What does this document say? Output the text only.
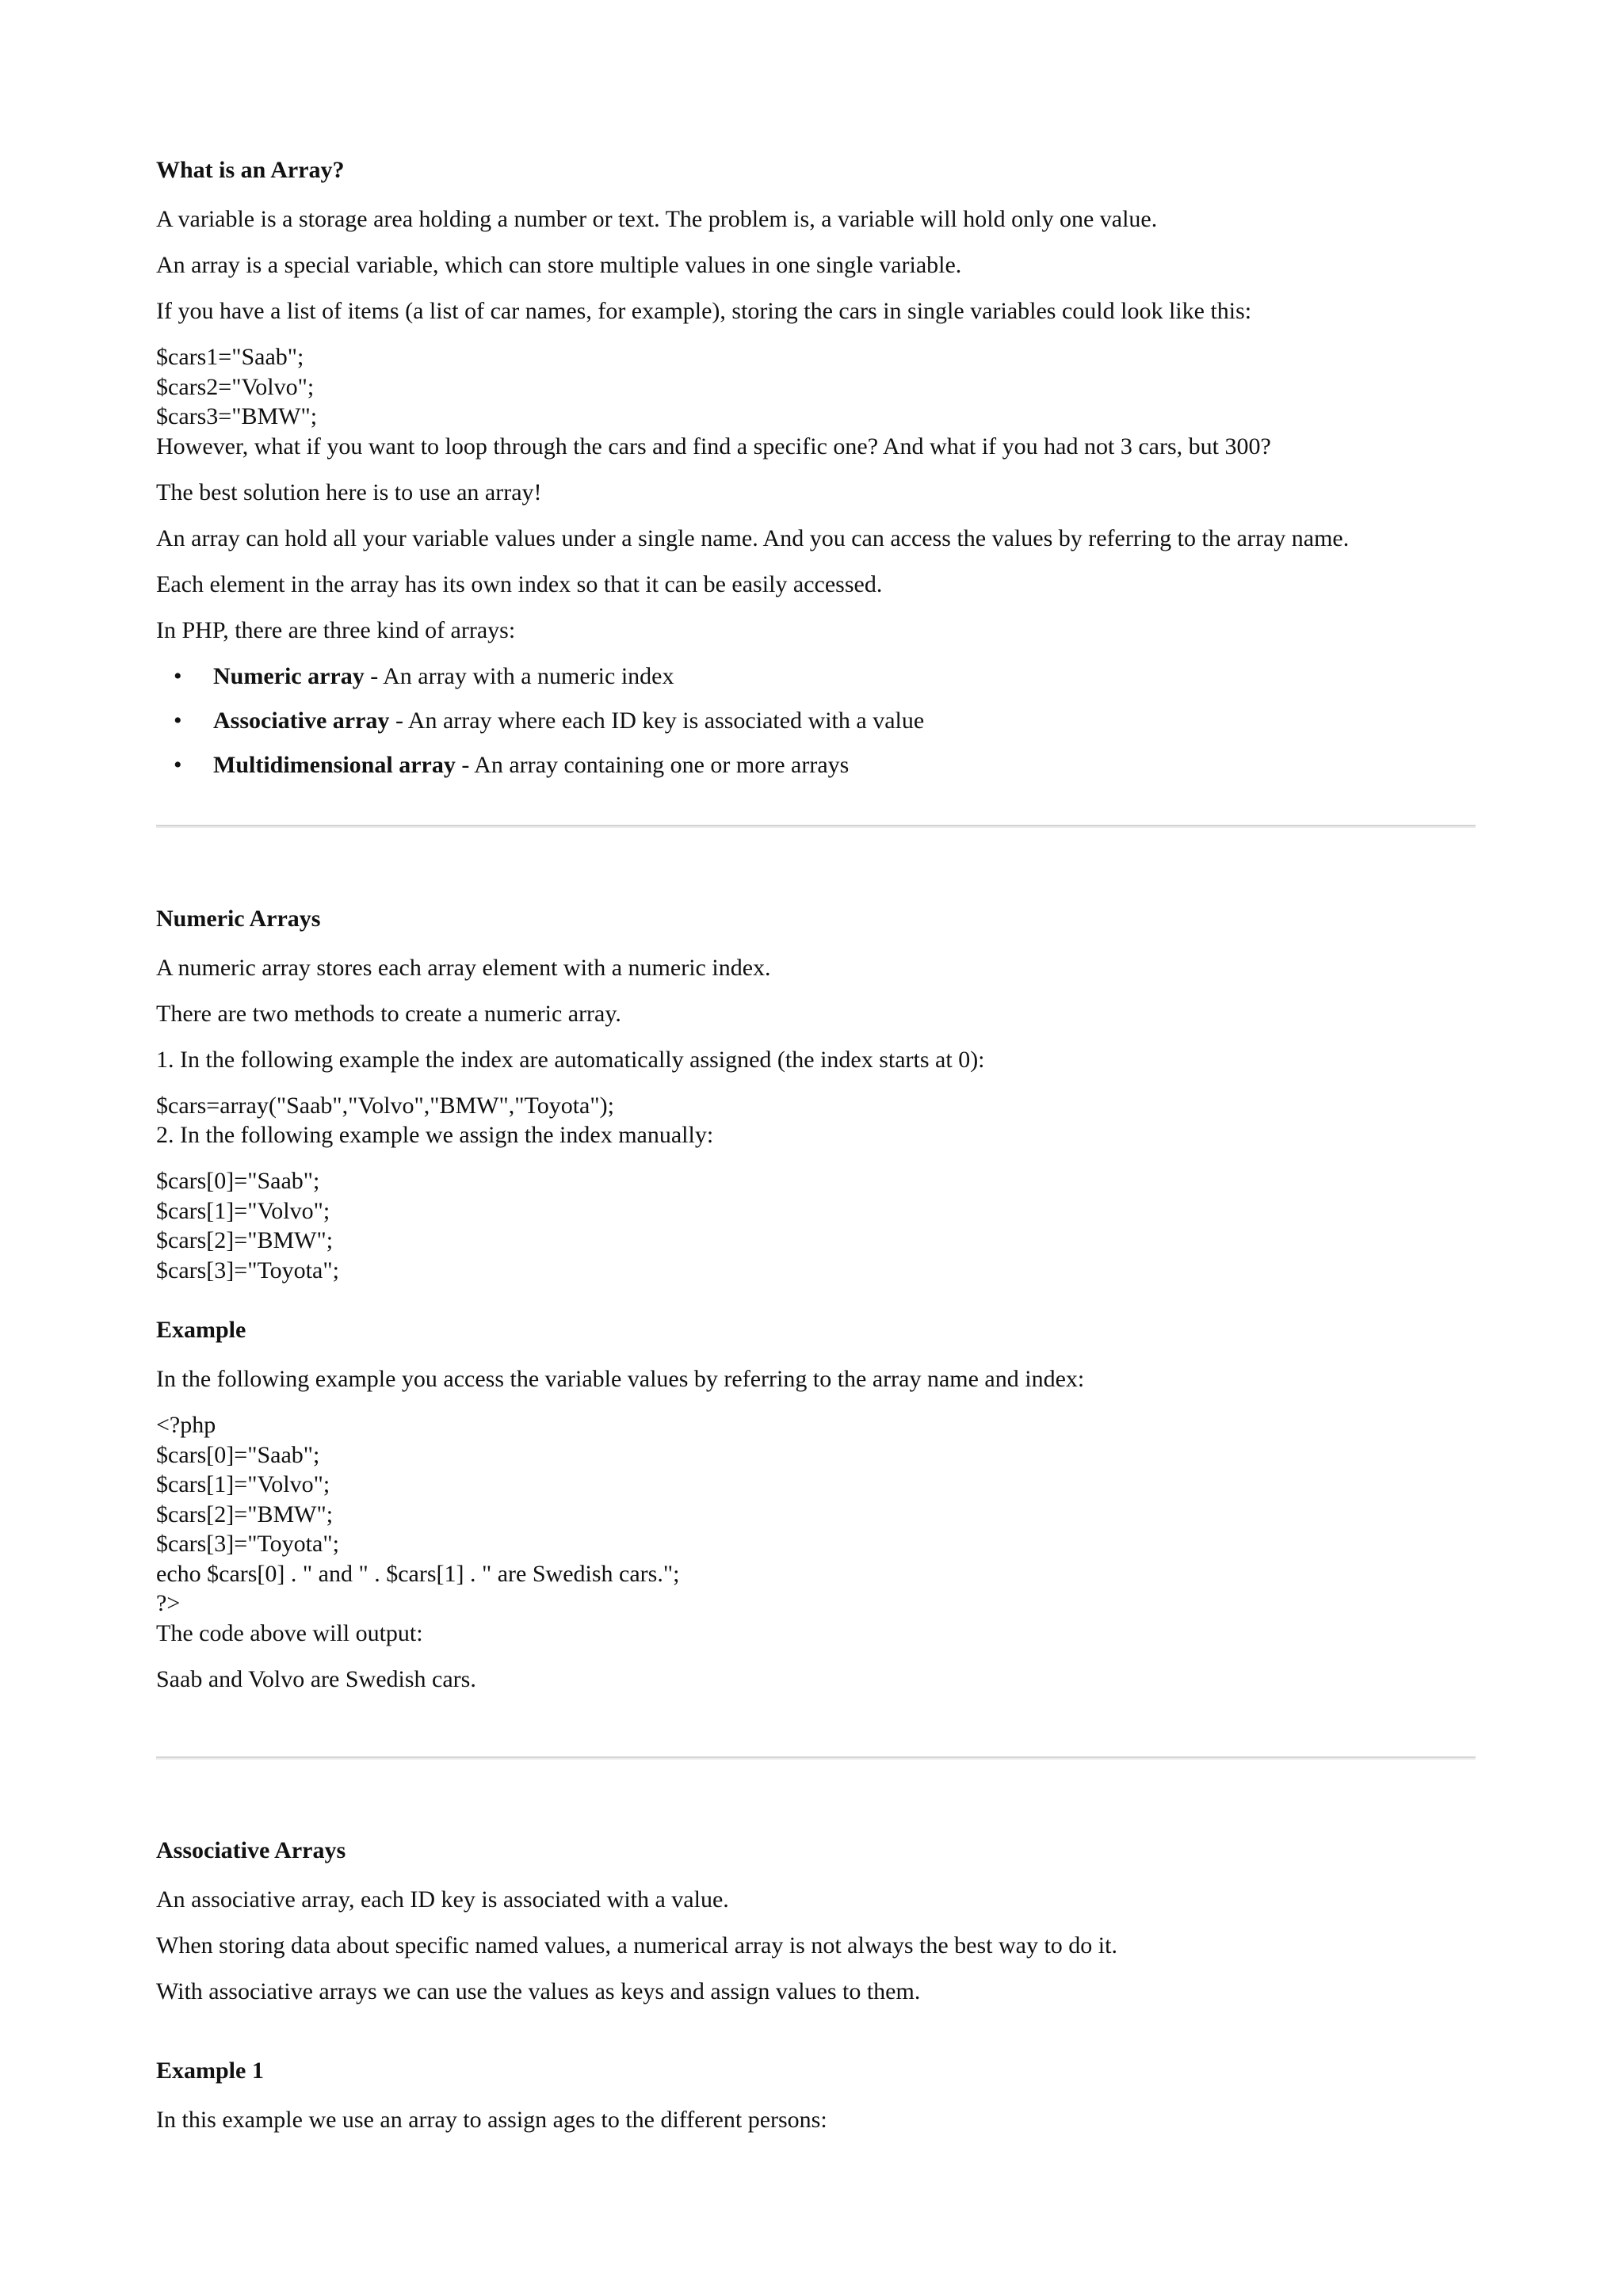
What is an Array?
A variable is a storage area holding a number or text. The problem is, a variable will hold only one value.
An array is a special variable, which can store multiple values in one single variable.
If you have a list of items (a list of car names, for example), storing the cars in single variables could look like this:
$cars1="Saab";
$cars2="Volvo";
$cars3="BMW";
However, what if you want to loop through the cars and find a specific one? And what if you had not 3 cars, but 300?
The best solution here is to use an array!
An array can hold all your variable values under a single name. And you can access the values by referring to the array name.
Each element in the array has its own index so that it can be easily accessed.
In PHP, there are three kind of arrays:
• Numeric array - An array with a numeric index
• Associative array - An array where each ID key is associated with a value
• Multidimensional array - An array containing one or more arrays
Numeric Arrays
A numeric array stores each array element with a numeric index.
There are two methods to create a numeric array.
1. In the following example the index are automatically assigned (the index starts at 0):
$cars=array("Saab","Volvo","BMW","Toyota");
2. In the following example we assign the index manually:
$cars[0]="Saab";
$cars[1]="Volvo";
$cars[2]="BMW";
$cars[3]="Toyota";
Example
In the following example you access the variable values by referring to the array name and index:
<?php
$cars[0]="Saab";
$cars[1]="Volvo";
$cars[2]="BMW";
$cars[3]="Toyota";
echo $cars[0] . " and " . $cars[1] . " are Swedish cars.";
?>
The code above will output:
Saab and Volvo are Swedish cars.
Associative Arrays
An associative array, each ID key is associated with a value.
When storing data about specific named values, a numerical array is not always the best way to do it.
With associative arrays we can use the values as keys and assign values to them.
Example 1
In this example we use an array to assign ages to the different persons:
